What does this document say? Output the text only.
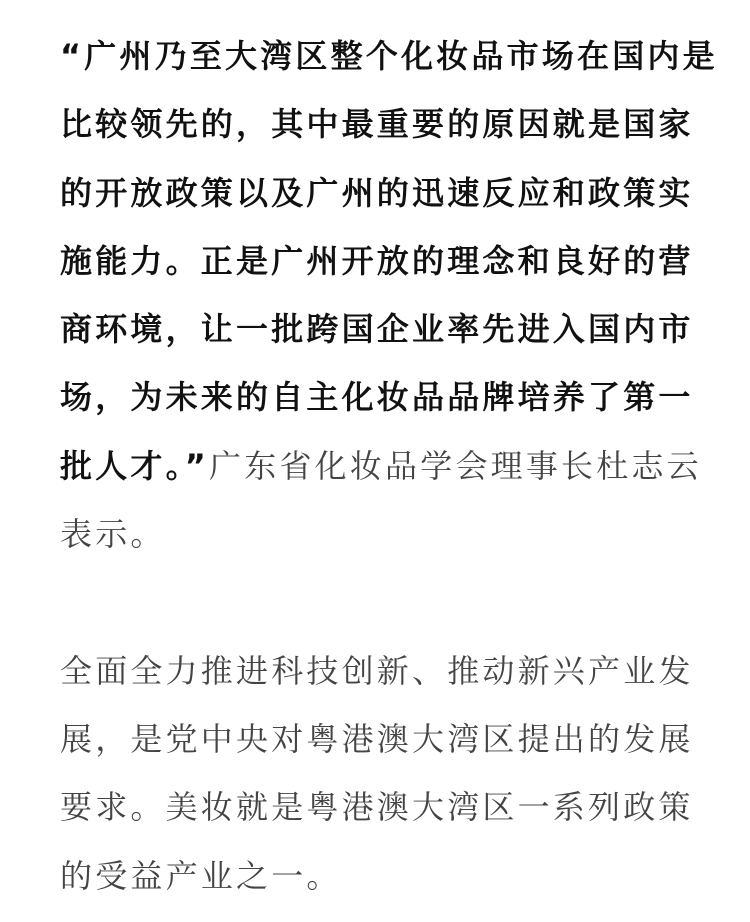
“广州乃至大湾区整个化妆品市场在国内是
比较领先的，其中最重要的原因就是国家
的开放政策以及广州的迅速反应和政策实
施能力。正是广州开放的理念和良好的营
商环境，让一批跨国企业率先进入国内市
场，为未来的自主化妆品品牌培养了第一
批人才。”广东省化妆品学会理事长杜志云
表示。
全面全力推进科技创新、推动新兴产业发
展，是党中央对粤港澳大湾区提出的发展
要求。美妆就是粤港澳大湾区一系列政策
的受益产业之一。
